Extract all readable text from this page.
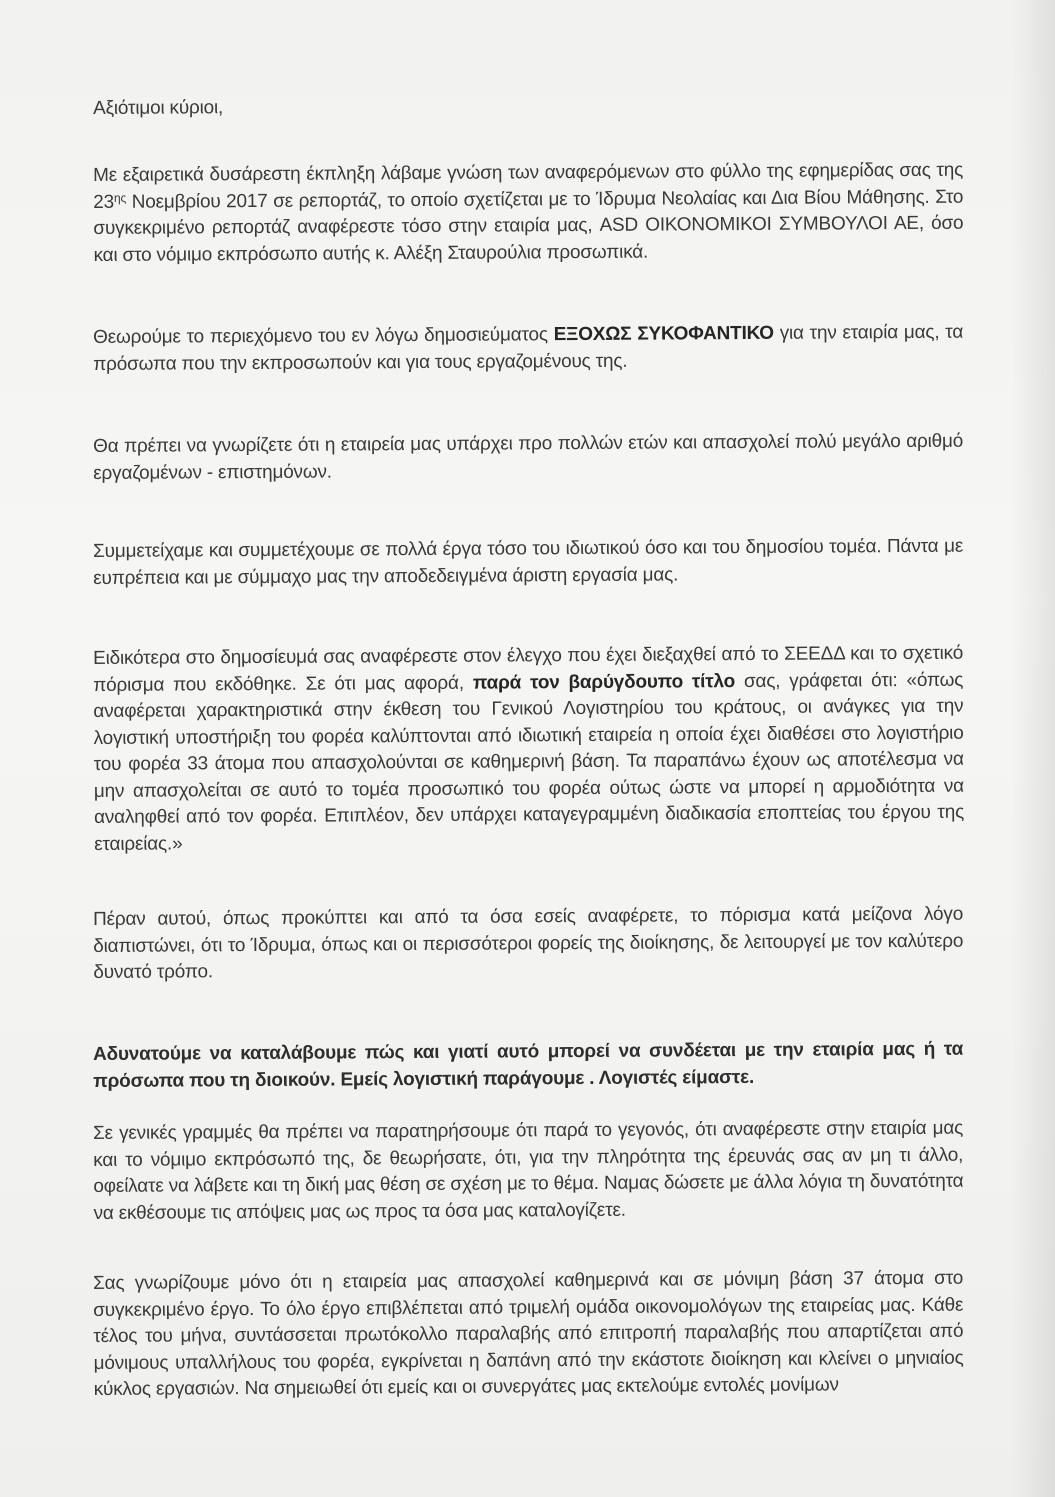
Αξιότιμοι κύριοι,

Με εξαιρετικά δυσάρεστη έκπληξη λάβαμε γνώση των αναφερόμενων στο φύλλο της εφημερίδας σας της $23^{\eta\varsigma}$ Νοεμβρίου 2017 σε ρεπορτάζ, το οποίο σχετίζεται με το Ίδρυμα Νεολαίας και Δια Βίου Μάθησης. Στο συγκεκριμένο ρεπορτάζ αναφέρεστε τόσο στην εταιρία μας, ASD ΟΙΚΟΝΟΜΙΚΟΙ ΣΥΜΒΟΥΛΟΙ ΑΕ, όσο και στο νόμιμο εκπρόσωπο αυτής κ. Αλέξη Σταυρούλια προσωπικά.

Θεωρούμε το περιεχόμενο του εν λόγω δημοσιεύματος ΕΞΟΧΩΣ ΣΥΚΟΦΑΝΤΙΚΟ για την εταιρία μας, τα πρόσωπα που την εκπροσωπούν και για τους εργαζομένους της.

Θα πρέπει να γνωρίζετε ότι η εταιρεία μας υπάρχει προ πολλών ετών και απασχολεί πολύ μεγάλο αριθμό εργαζομένων - επιστημόνων.

Συμμετείχαμε και συμμετέχουμε σε πολλά έργα τόσο του ιδιωτικού όσο και του δημοσίου τομέα. Πάντα με ευπρέπεια και με σύμμαχο μας την αποδεδειγμένα άριστη εργασία μας.

Ειδικότερα στο δημοσίευμά σας αναφέρεστε στον έλεγχο που έχει διεξαχθεί από το ΣΕΕΔΔ και το σχετικό πόρισμα που εκδόθηκε. Σε ότι μας αφορά, παρά τον βαρύγδουπο τίτλο σας, γράφεται ότι: «όπως αναφέρεται χαρακτηριστικά στην έκθεση του Γενικού Λογιστηρίου του κράτους, οι ανάγκες για την λογιστική υποστήριξη του φορέα καλύπτονται από ιδιωτική εταιρεία η οποία έχει διαθέσει στο λογιστήριο του φορέα 33 άτομα που απασχολούνται σε καθημερινή βάση. Τα παραπάνω έχουν ως αποτέλεσμα να μην απασχολείται σε αυτό το τομέα προσωπικό του φορέα ούτως ώστε να μπορεί η αρμοδιότητα να αναληφθεί από τον φορέα. Επιπλέον, δεν υπάρχει καταγεγραμμένη διαδικασία εποπτείας του έργου της εταιρείας.»

Πέραν αυτού, όπως προκύπτει και από τα όσα εσείς αναφέρετε, το πόρισμα κατά μείζονα λόγο διαπιστώνει, ότι το Ίδρυμα, όπως και οι περισσότεροι φορείς της διοίκησης, δε λειτουργεί με τον καλύτερο δυνατό τρόπο.

Αδυνατούμε να καταλάβουμε πώς και γιατί αυτό μπορεί να συνδέεται με την εταιρία μας ή τα πρόσωπα που τη διοικούν. Εμείς λογιστική παράγουμε . Λογιστές είμαστε.

Σε γενικές γραμμές θα πρέπει να παρατηρήσουμε ότι παρά το γεγονός, ότι αναφέρεστε στην εταιρία μας και το νόμιμο εκπρόσωπό της, δε θεωρήσατε, ότι, για την πληρότητα της έρευνάς σας αν μη τι άλλο, οφείλατε να λάβετε και τη δική μας θέση σε σχέση με το θέμα. Ναμας δώσετε με άλλα λόγια τη δυνατότητα να εκθέσουμε τις απόψεις μας ως προς τα όσα μας καταλογίζετε.

Σας γνωρίζουμε μόνο ότι η εταιρεία μας απασχολεί καθημερινά και σε μόνιμη βάση 37 άτομα στο συγκεκριμένο έργο. Το όλο έργο επιβλέπεται από τριμελή ομάδα οικονομολόγων της εταιρείας μας. Κάθε τέλος του μήνα, συντάσσεται πρωτόκολλο παραλαβής από επιτροπή παραλαβής που απαρτίζεται από μόνιμους υπαλλήλους του φορέα, εγκρίνεται η δαπάνη από την εκάστοτε διοίκηση και κλείνει ο μηνιαίος κύκλος εργασιών. Να σημειωθεί ότι εμείς και οι συνεργάτες μας εκτελούμε εντολές μονίμων
